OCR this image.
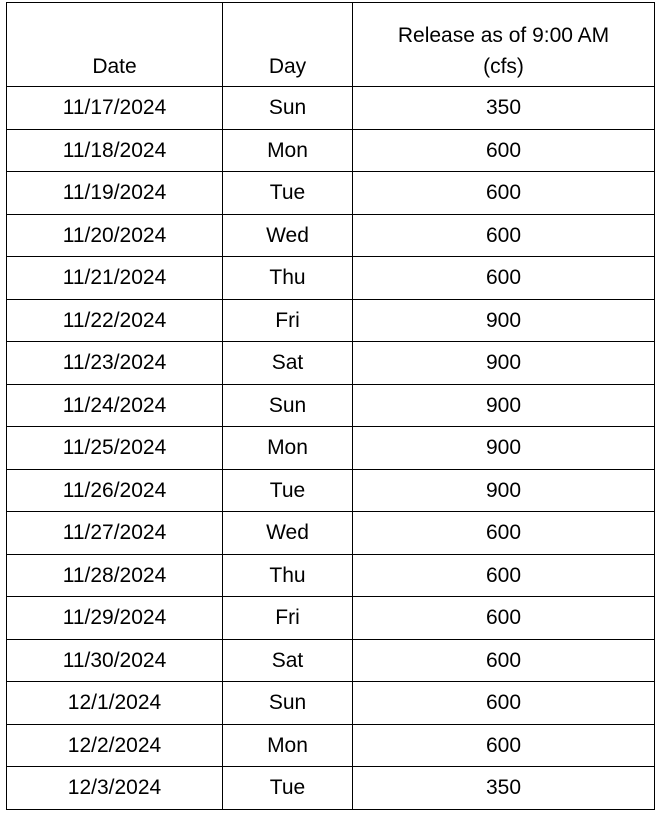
Date	Day	Release as of 9:00 AM
(cfs)

11/17/2024	Sun	350
11/18/2024	Mon	600
11/19/2024	Tue	600
11/20/2024	Wed	600
11/21/2024	Thu	600
11/22/2024	Fri	900
11/23/2024	Sat	900
11/24/2024	Sun	900
11/25/2024	Mon	900
11/26/2024	Tue	900
11/27/2024	Wed	600
11/28/2024	Thu	600
11/29/2024	Fri	600
11/30/2024	Sat	600
12/1/2024	Sun	600
12/2/2024	Mon	600
12/3/2024	Tue	350
